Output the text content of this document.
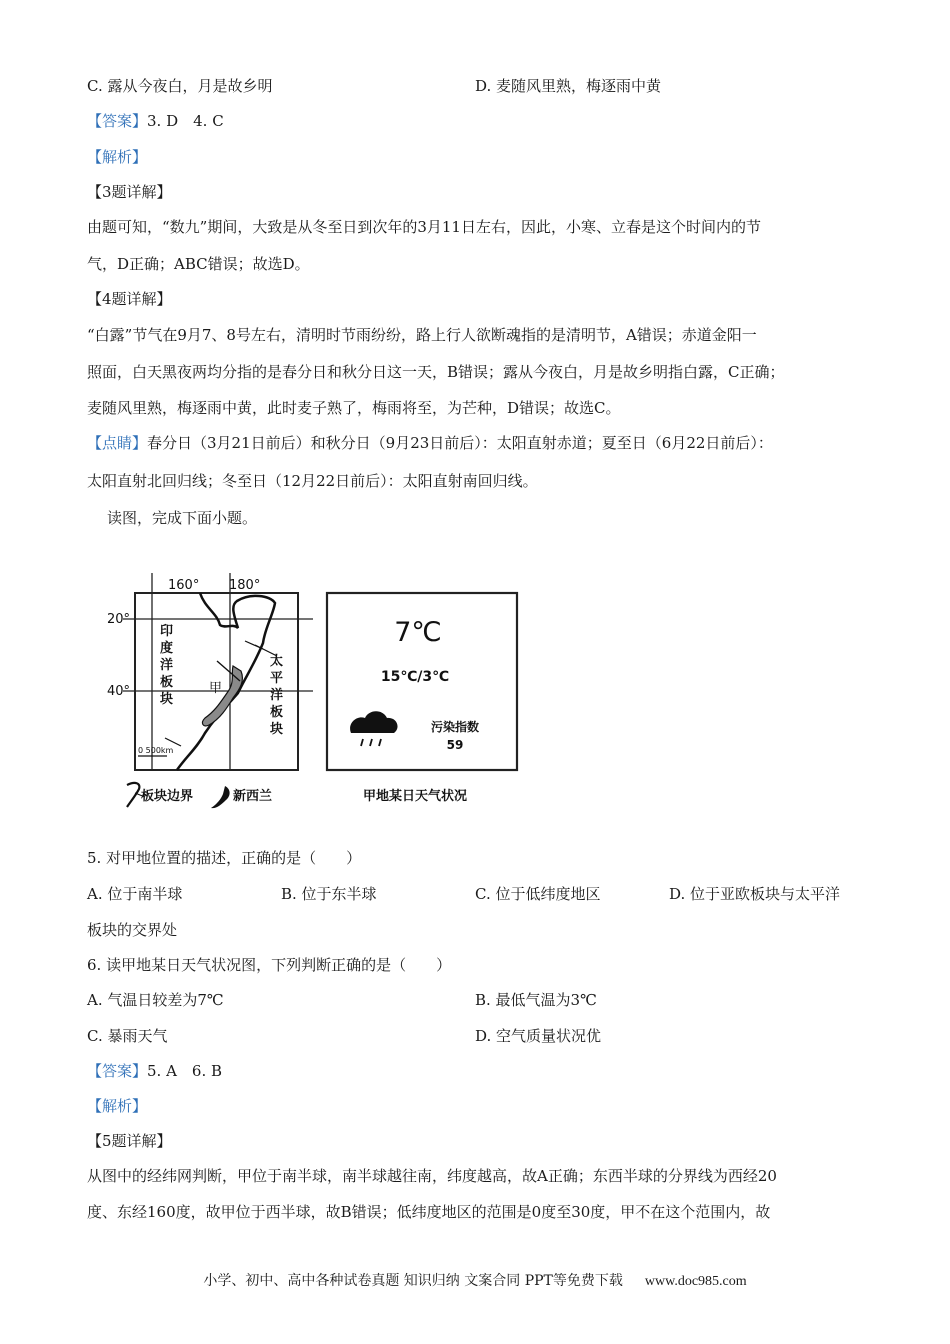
C. 露从今夜白，月是故乡明	D. 麦随风里熟，梅逐雨中黄
【答案】3. D　4. C
【解析】
【3题详解】
由题可知，“数九”期间，大致是从冬至日到次年的3月11日左右，因此，小寒、立春是这个时间内的节
气，D正确；ABC错误；故选D。
【4题详解】
“白露”节气在9月7、8号左右，清明时节雨纷纷，路上行人欲断魂指的是清明节，A错误；赤道金阳一
照面，白天黑夜两均分指的是春分日和秋分日这一天，B错误；露从今夜白，月是故乡明指白露，C正确；
麦随风里熟，梅逐雨中黄，此时麦子熟了，梅雨将至，为芒种，D错误；故选C。
【点睛】春分日（3月21日前后）和秋分日（9月23日前后）：太阳直射赤道；夏至日（6月22日前后）：
太阳直射北回归线；冬至日（12月22日前后）：太阳直射南回归线。
读图，完成下面小题。
160° 180°
20°
40°	甲
印
度
洋
板
块
太
平
洋
板
块
0 500km
板块边界	新西兰
7℃
15℃/3℃
污染指数
59
甲地某日天气状况
5. 对甲地位置的描述，正确的是（　　）
A. 位于南半球	B. 位于东半球	C. 位于低纬度地区	D. 位于亚欧板块与太平洋
板块的交界处
6. 读甲地某日天气状况图，下列判断正确的是（　　）
A. 气温日较差为7℃	B. 最低气温为3℃
C. 暴雨天气	D. 空气质量状况优
【答案】5. A　6. B
【解析】
【5题详解】
从图中的经纬网判断，甲位于南半球，南半球越往南，纬度越高，故A正确；东西半球的分界线为西经20
度、东经160度，故甲位于西半球，故B错误；低纬度地区的范围是0度至30度，甲不在这个范围内，故
小学、初中、高中各种试卷真题 知识归纳 文案合同 PPT等免费下载 www.doc985.com
